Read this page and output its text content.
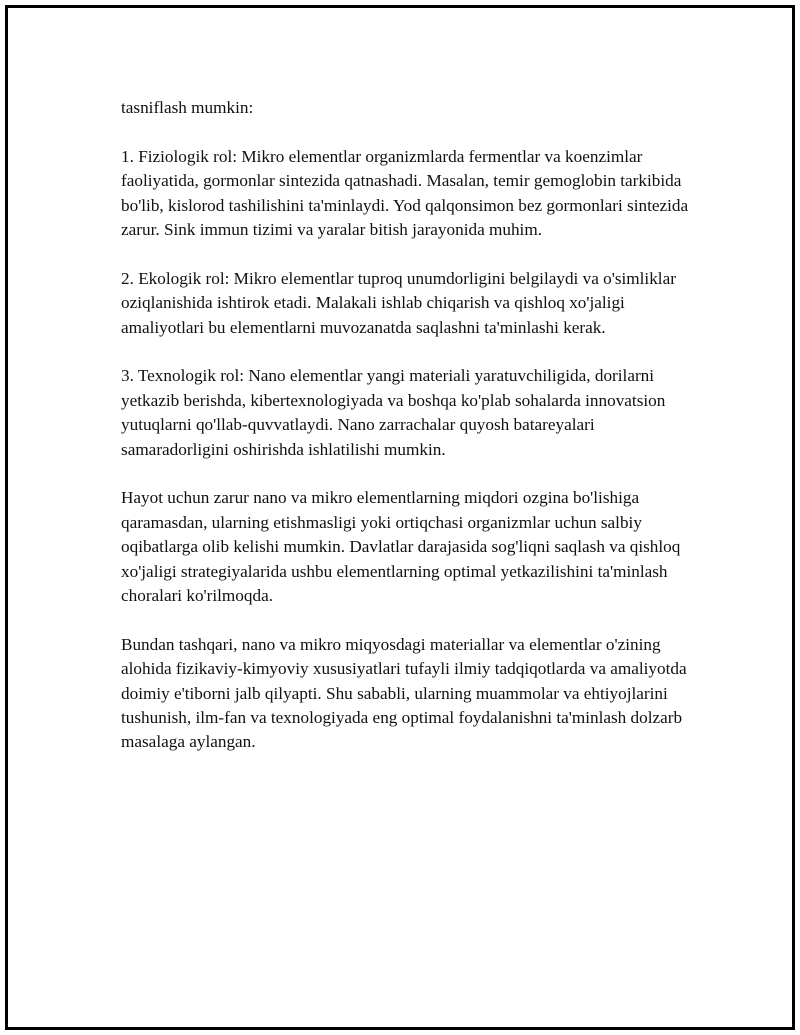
tasniflash mumkin:

1. Fiziologik rol: Mikro elementlar organizmlarda fermentlar va koenzimlar faoliyatida, gormonlar sintezida qatnashadi. Masalan, temir gemoglobin tarkibida bo'lib, kislorod tashilishini ta'minlaydi. Yod qalqonsimon bez gormonlari sintezida zarur. Sink immun tizimi va yaralar bitish jarayonida muhim.

2. Ekologik rol: Mikro elementlar tuproq unumdorligini belgilaydi va o'simliklar oziqlanishida ishtirok etadi. Malakali ishlab chiqarish va qishloq xo'jaligi amaliyotlari bu elementlarni muvozanatda saqlashni ta'minlashi kerak.

3. Texnologik rol: Nano elementlar yangi materiali yaratuvchiligida, dorilarni yetkazib berishda, kibertexnologiyada va boshqa ko'plab sohalarda innovatsion yutuqlarni qo'llab-quvvatlaydi. Nano zarrachalar quyosh batareyalari samaradorligini oshirishda ishlatilishi mumkin.

Hayot uchun zarur nano va mikro elementlarning miqdori ozgina bo'lishiga qaramasdan, ularning etishmasligi yoki ortiqchasi organizmlar uchun salbiy oqibatlarga olib kelishi mumkin. Davlatlar darajasida sog'liqni saqlash va qishloq xo'jaligi strategiyalarida ushbu elementlarning optimal yetkazilishini ta'minlash choralari ko'rilmoqda.

Bundan tashqari, nano va mikro miqyosdagi materiallar va elementlar o'zining alohida fizikaviy-kimyoviy xususiyatlari tufayli ilmiy tadqiqotlarda va amaliyotda doimiy e'tiborni jalb qilyapti. Shu sababli, ularning muammolar va ehtiyojlarini tushunish, ilm-fan va texnologiyada eng optimal foydalanishni ta'minlash dolzarb masalaga aylangan.
